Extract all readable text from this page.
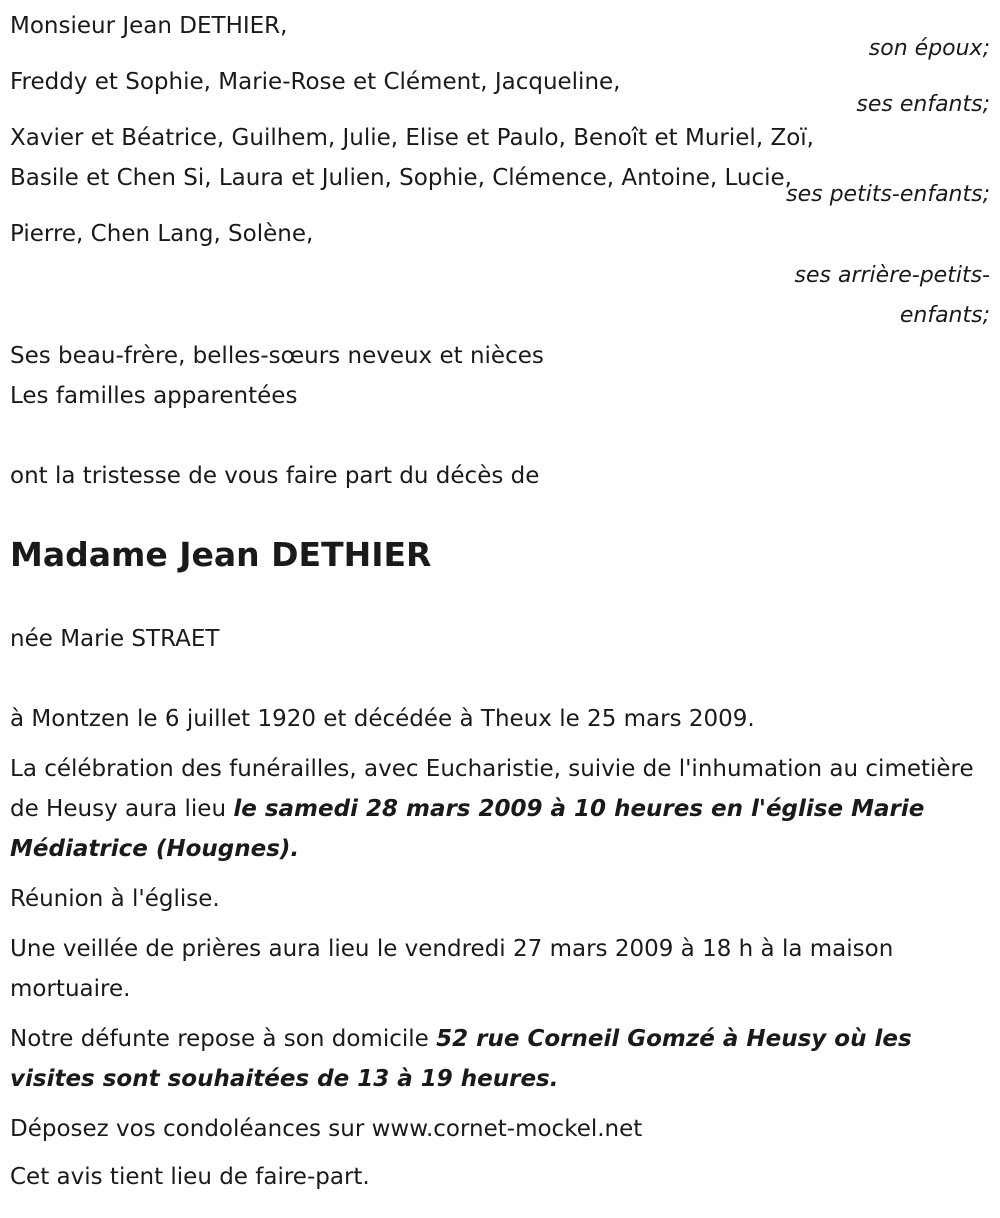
Monsieur Jean DETHIER,
son époux;
Freddy et Sophie, Marie-Rose et Clément, Jacqueline,
ses enfants;
Xavier et Béatrice, Guilhem, Julie, Elise et Paulo, Benoît et Muriel, Zoï,
Basile et Chen Si, Laura et Julien, Sophie, Clémence, Antoine, Lucie,
ses petits-enfants;
Pierre, Chen Lang, Solène,
ses arrière-petits-
enfants;
Ses beau-frère, belles-sœurs neveux et nièces
Les familles apparentées
ont la tristesse de vous faire part du décès de
Madame Jean DETHIER
née Marie STRAET
à Montzen le 6 juillet 1920 et décédée à Theux le 25 mars 2009.
La célébration des funérailles, avec Eucharistie, suivie de l'inhumation au cimetière de Heusy aura lieu le samedi 28 mars 2009 à 10 heures en l'église Marie Médiatrice (Hougnes).
Réunion à l'église.
Une veillée de prières aura lieu le vendredi 27 mars 2009 à 18 h à la maison mortuaire.
Notre défunte repose à son domicile 52 rue Corneil Gomzé à Heusy où les visites sont souhaitées de 13 à 19 heures.
Déposez vos condoléances sur www.cornet-mockel.net
Cet avis tient lieu de faire-part.
